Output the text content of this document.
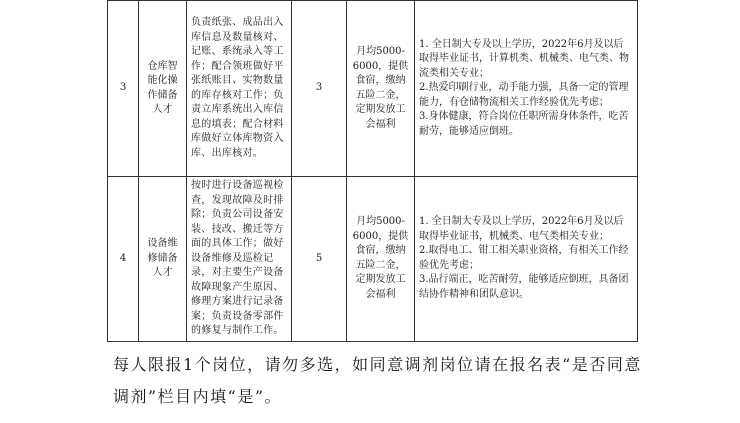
3	仓库智能化操作储备人才	负责纸张、成品出入库信息及数量核对、记账、系统录入等工作；配合领班做好平张纸账目、实物数量的库存核对工作；负责立库系统出入库信息的填表；配合材料库做好立体库物资入库、出库核对。	3	月均5000-6000，提供食宿，缴纳五险二金，定期发放工会福利	1. 全日制大专及以上学历，2022年6月及以后取得毕业证书，计算机类、机械类、电气类、物流类相关专业；
2.热爱印刷行业，动手能力强，具备一定的管理能力，有仓储物流相关工作经验优先考虑；
3.身体健康，符合岗位任职所需身体条件，吃苦耐劳，能够适应倒班。

4	设备维修储备人才	按时进行设备巡视检查，发现故障及时排除；负责公司设备安装、技改、搬迁等方面的具体工作；做好设备维修及巡检记录，对主要生产设备故障现象产生原因、修理方案进行记录备案；负责设备零部件的修复与制作工作。	5	月均5000-6000，提供食宿，缴纳五险二金，定期发放工会福利	1. 全日制大专及以上学历，2022年6月及以后取得毕业证书，机械类、电气类相关专业；
2.取得电工、钳工相关职业资格，有相关工作经验优先考虑；
3.品行端正，吃苦耐劳，能够适应倒班，具备团结协作精神和团队意识。
每人限报1个岗位，请勿多选，如同意调剂岗位请在报名表“是否同意调剂”栏目内填“是”。
